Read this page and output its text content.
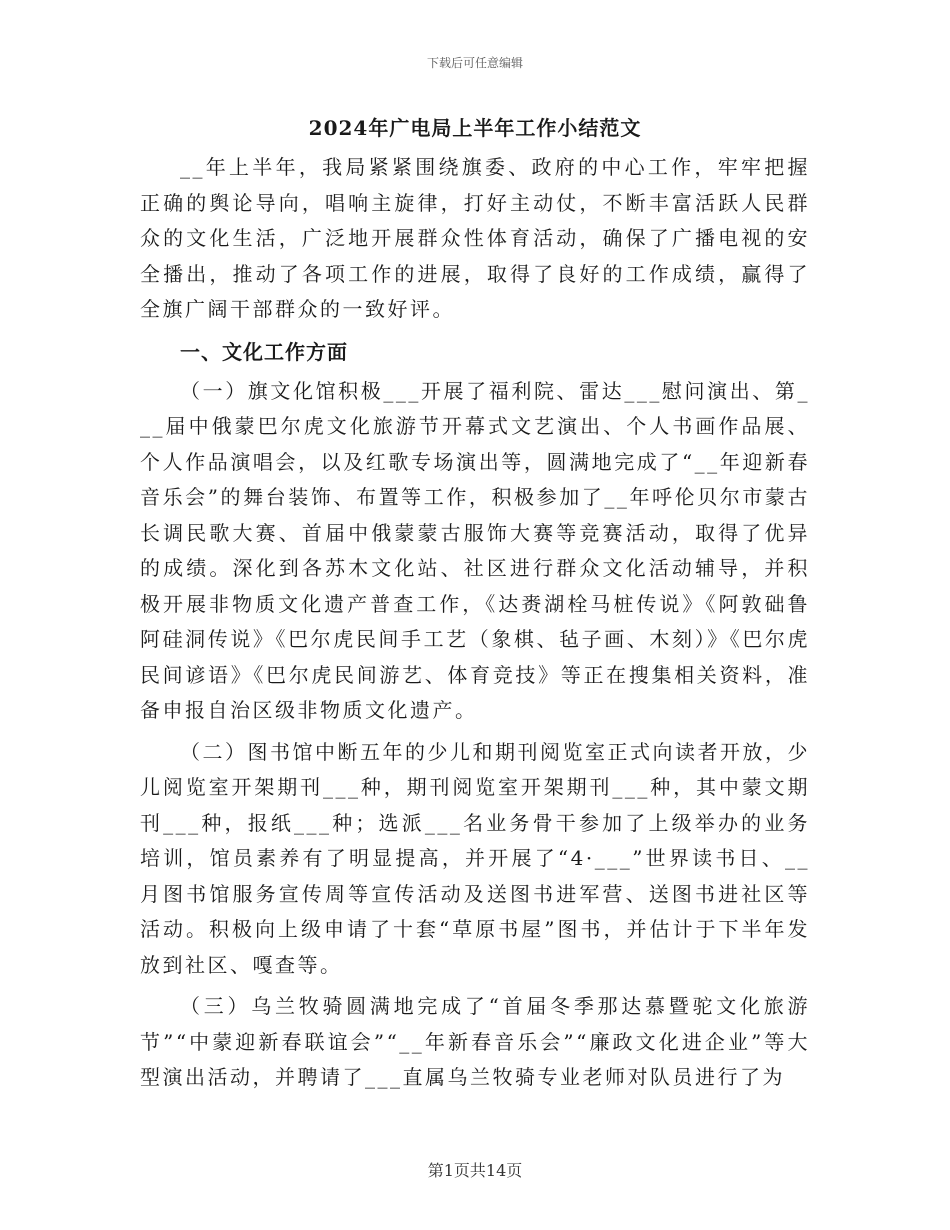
下载后可任意编辑
2024年广电局上半年工作小结范文

__年上半年，我局紧紧围绕旗委、政府的中心工作，牢牢把握正确的舆论导向，唱响主旋律，打好主动仗，不断丰富活跃人民群众的文化生活，广泛地开展群众性体育活动，确保了广播电视的安全播出，推动了各项工作的进展，取得了良好的工作成绩，赢得了全旗广阔干部群众的一致好评。

一、文化工作方面

（一）旗文化馆积极___开展了福利院、雷达___慰问演出、第___届中俄蒙巴尔虎文化旅游节开幕式文艺演出、个人书画作品展、个人作品演唱会，以及红歌专场演出等，圆满地完成了“__年迎新春音乐会”的舞台装饰、布置等工作，积极参加了__年呼伦贝尔市蒙古长调民歌大赛、首届中俄蒙蒙古服饰大赛等竞赛活动，取得了优异的成绩。深化到各苏木文化站、社区进行群众文化活动辅导，并积极开展非物质文化遗产普查工作，《达赉湖栓马桩传说》《阿敦础鲁阿硅洞传说》《巴尔虎民间手工艺（象棋、毡子画、木刻）》《巴尔虎民间谚语》《巴尔虎民间游艺、体育竞技》等正在搜集相关资料，准备申报自治区级非物质文化遗产。

（二）图书馆中断五年的少儿和期刊阅览室正式向读者开放，少儿阅览室开架期刊___种，期刊阅览室开架期刊___种，其中蒙文期刊___种，报纸___种；选派___名业务骨干参加了上级举办的业务培训，馆员素养有了明显提高，并开展了“4·___”世界读书日、__月图书馆服务宣传周等宣传活动及送图书进军营、送图书进社区等活动。积极向上级申请了十套“草原书屋”图书，并估计于下半年发放到社区、嘎查等。

（三）乌兰牧骑圆满地完成了“首届冬季那达慕暨驼文化旅游节”“中蒙迎新春联谊会”“__年新春音乐会”“廉政文化进企业”等大型演出活动，并聘请了___直属乌兰牧骑专业老师对队员进行了为

第1页共14页
